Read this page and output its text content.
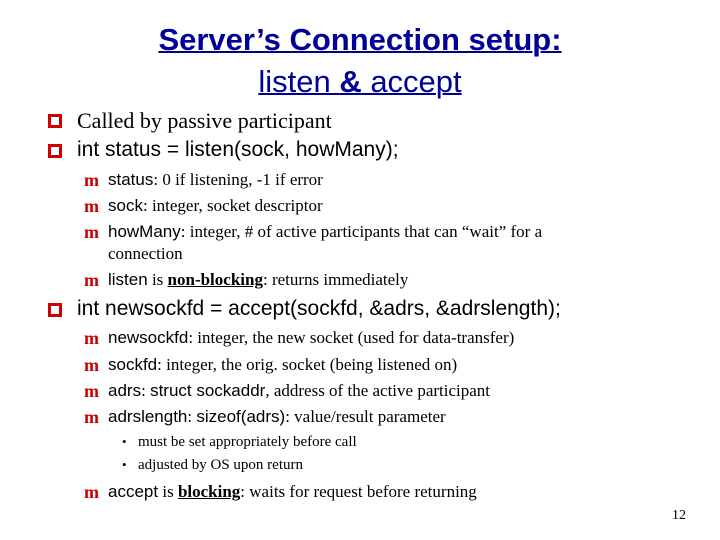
Server’s Connection setup:
listen & accept
Called by passive participant
int status = listen(sock, howMany);
m status: 0 if listening, -1 if error
m sock: integer, socket descriptor
m howMany: integer, # of active participants that can “wait” for a
connection
m listen is non-blocking: returns immediately
int newsockfd = accept(sockfd, &adrs, &adrslength);
m newsockfd: integer, the new socket (used for data-transfer)
m sockfd: integer, the orig. socket (being listened on)
m adrs: struct sockaddr, address of the active participant
m adrslength: sizeof(adrs): value/result parameter
• must be set appropriately before call
• adjusted by OS upon return
m accept is blocking: waits for request before returning
12
